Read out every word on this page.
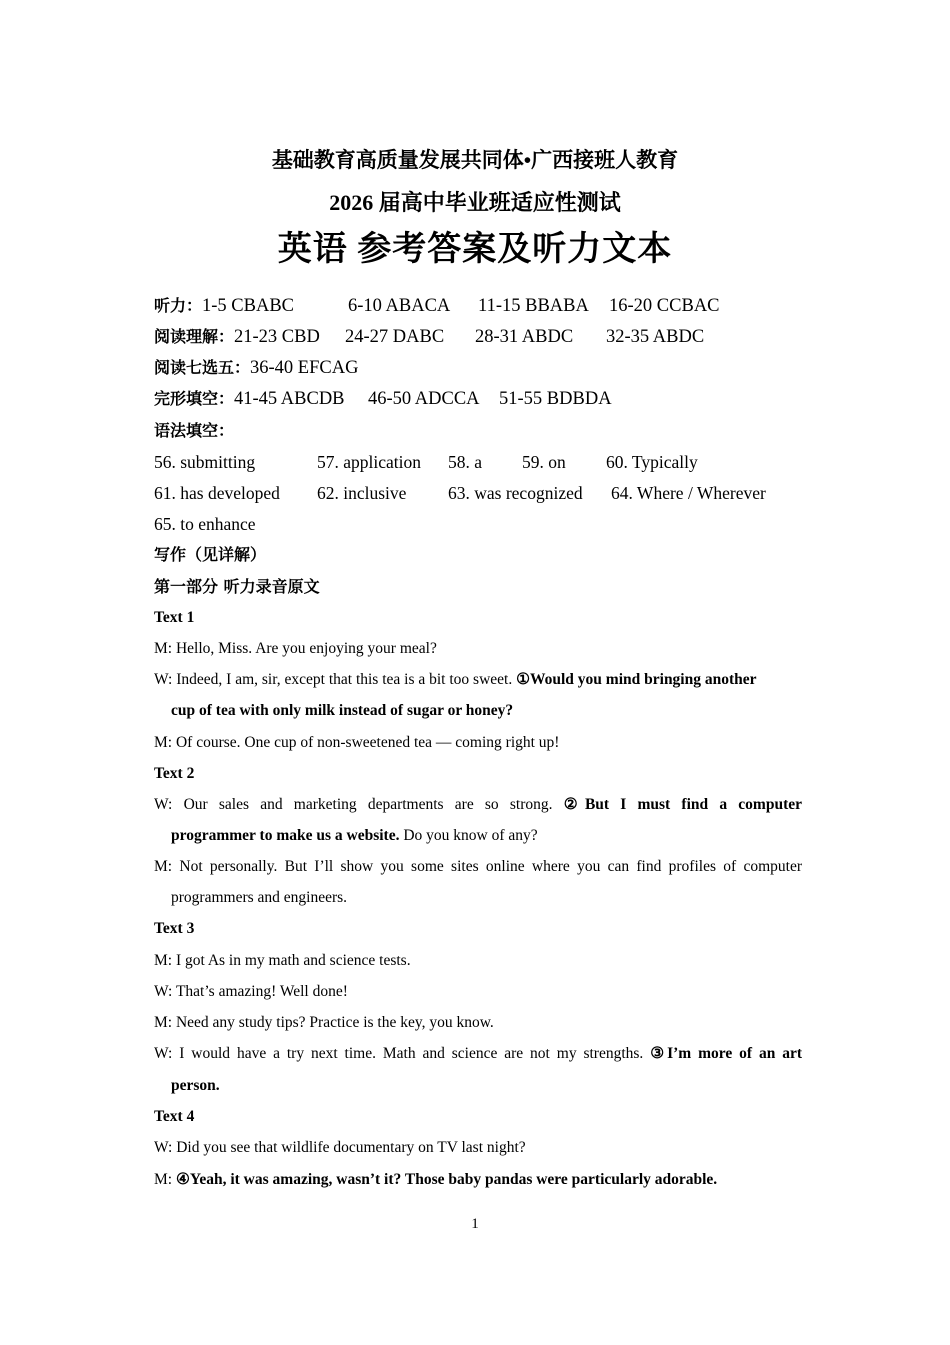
基础教育高质量发展共同体•广西接班人教育
2026 届高中毕业班适应性测试
英语 参考答案及听力文本
听力：1-5 CBABC	6-10 ABACA 11-15 BBABA 16-20 CCBAC
阅读理解：21-23 CBD 24-27 DABC 28-31 ABDC 32-35 ABDC
阅读七选五：36-40 EFCAG
完形填空：41-45 ABCDB 46-50 ADCCA 51-55 BDBDA
语法填空：
56. submitting	57. application 58. a 59. on 60. Typically
61. has developed 62. inclusive 63. was recognized 64. Where / Wherever
65. to enhance
写作（见详解）
第一部分 听力录音原文
Text 1
M: Hello, Miss. Are you enjoying your meal?
W: Indeed, I am, sir, except that this tea is a bit too sweet. ①Would you mind bringing another
cup of tea with only milk instead of sugar or honey?
M: Of course. One cup of non-sweetened tea — coming right up!
Text 2
W: Our sales and marketing departments are so strong. ②But I must find a computer
programmer to make us a website. Do you know of any?
M: Not personally. But I’ll show you some sites online where you can find profiles of computer
programmers and engineers.
Text 3
M: I got As in my math and science tests.
W: That’s amazing! Well done!
M: Need any study tips? Practice is the key, you know.
W: I would have a try next time. Math and science are not my strengths. ③I’m more of an art
person.
Text 4
W: Did you see that wildlife documentary on TV last night?
M: ④Yeah, it was amazing, wasn’t it? Those baby pandas were particularly adorable.
1
